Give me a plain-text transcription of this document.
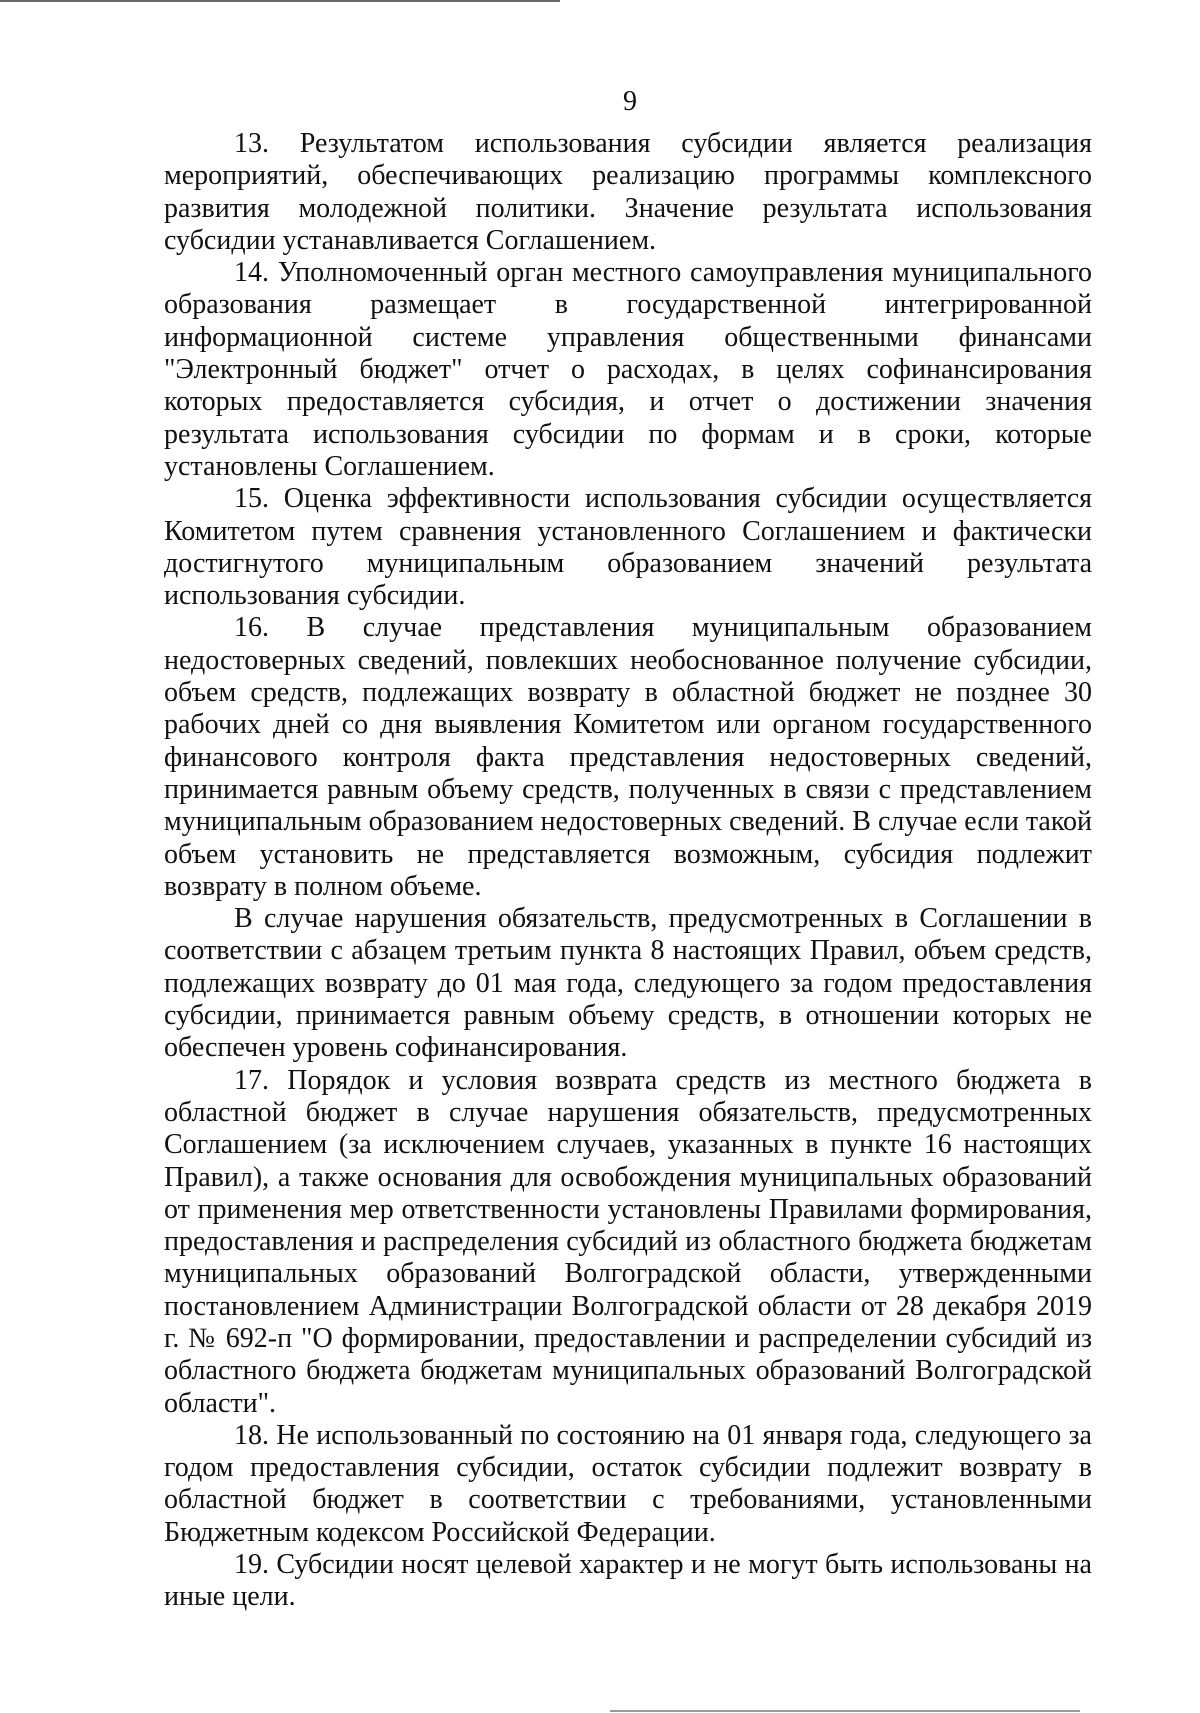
9

13. Результатом использования субсидии является реализация мероприятий, обеспечивающих реализацию программы комплексного развития молодежной политики. Значение результата использования субсидии устанавливается Соглашением.

14. Уполномоченный орган местного самоуправления муниципального образования размещает в государственной интегрированной информационной системе управления общественными финансами "Электронный бюджет" отчет о расходах, в целях софинансирования которых предоставляется субсидия, и отчет о достижении значения результата использования субсидии по формам и в сроки, которые установлены Соглашением.

15. Оценка эффективности использования субсидии осуществляется Комитетом путем сравнения установленного Соглашением и фактически достигнутого муниципальным образованием значений результата использования субсидии.

16. В случае представления муниципальным образованием недостоверных сведений, повлекших необоснованное получение субсидии, объем средств, подлежащих возврату в областной бюджет не позднее 30 рабочих дней со дня выявления Комитетом или органом государственного финансового контроля факта представления недостоверных сведений, принимается равным объему средств, полученных в связи с представлением муниципальным образованием недостоверных сведений. В случае если такой объем установить не представляется возможным, субсидия подлежит возврату в полном объеме.

В случае нарушения обязательств, предусмотренных в Соглашении в соответствии с абзацем третьим пункта 8 настоящих Правил, объем средств, подлежащих возврату до 01 мая года, следующего за годом предоставления субсидии, принимается равным объему средств, в отношении которых не обеспечен уровень софинансирования.

17. Порядок и условия возврата средств из местного бюджета в областной бюджет в случае нарушения обязательств, предусмотренных Соглашением (за исключением случаев, указанных в пункте 16 настоящих Правил), а также основания для освобождения муниципальных образований от применения мер ответственности установлены Правилами формирования, предоставления и распределения субсидий из областного бюджета бюджетам муниципальных образований Волгоградской области, утвержденными постановлением Администрации Волгоградской области от 28 декабря 2019 г. № 692-п "О формировании, предоставлении и распределении субсидий из областного бюджета бюджетам муниципальных образований Волгоградской области".

18. Не использованный по состоянию на 01 января года, следующего за годом предоставления субсидии, остаток субсидии подлежит возврату в областной бюджет в соответствии с требованиями, установленными Бюджетным кодексом Российской Федерации.

19. Субсидии носят целевой характер и не могут быть использованы на иные цели.
